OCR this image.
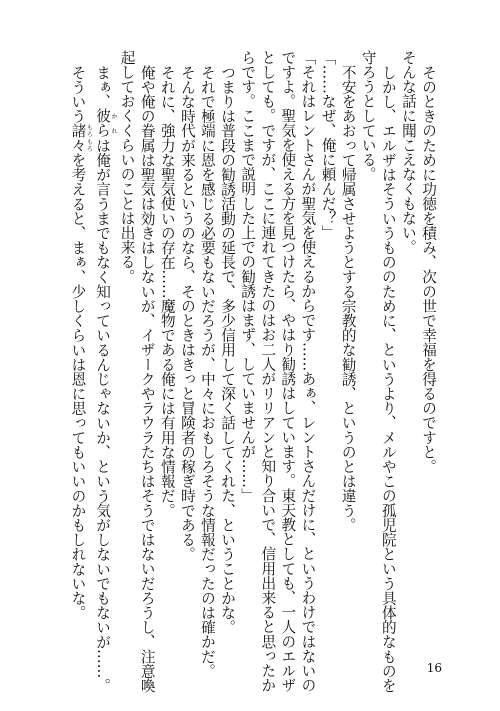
そのときのために功徳を積み、次の世で幸福を得るのですと。
そんな話に聞こえなくもない。
しかし、エルザはそういうもののために、というより、メルやこの孤児院という具体的なものを
守ろうとしている。
不安をあおって帰属させようとする宗教的な勧誘、というのとは違う。
「……なぜ、俺に頼んだ？」
「それはレントさんが聖気を使えるからです……あぁ、レントさんだけに、というわけではないの
ですよ。聖気を使える方を見つけたら、やはり勧誘はしています。東天教としても、一人のエルザ
としても。ですが、ここに連れてきたのはお二人がリリアンと知り合いで、信用出来ると思ったか
らです。ここまで説明した上での勧誘はまず、していませんが……」
つまりは普段の勧誘活動の延長で、多少信用して深く話してくれた、ということかな。
それで極端に恩を感じる必要もないだろうが、中々におもしろそうな情報だったのは確かだ。
そんな時代が来るというのなら、そのときはきっと冒険者の稼ぎ時である。
それに、強力な聖気使いの存在……魔物である俺には有用な情報だ。
俺や俺の眷属は聖気は効きはしないが、イザークやラウラたちはそうではないだろうし、注意喚
起しておくくらいのことは出来る。
まぁ、彼ら かれは俺が言うまでもなく知っているんじゃないか、という気がしないでもないが……。
そういう諸々 もろもろを考えると、まぁ、少しくらいは恩に思ってもいいのかもしれないな。
16
